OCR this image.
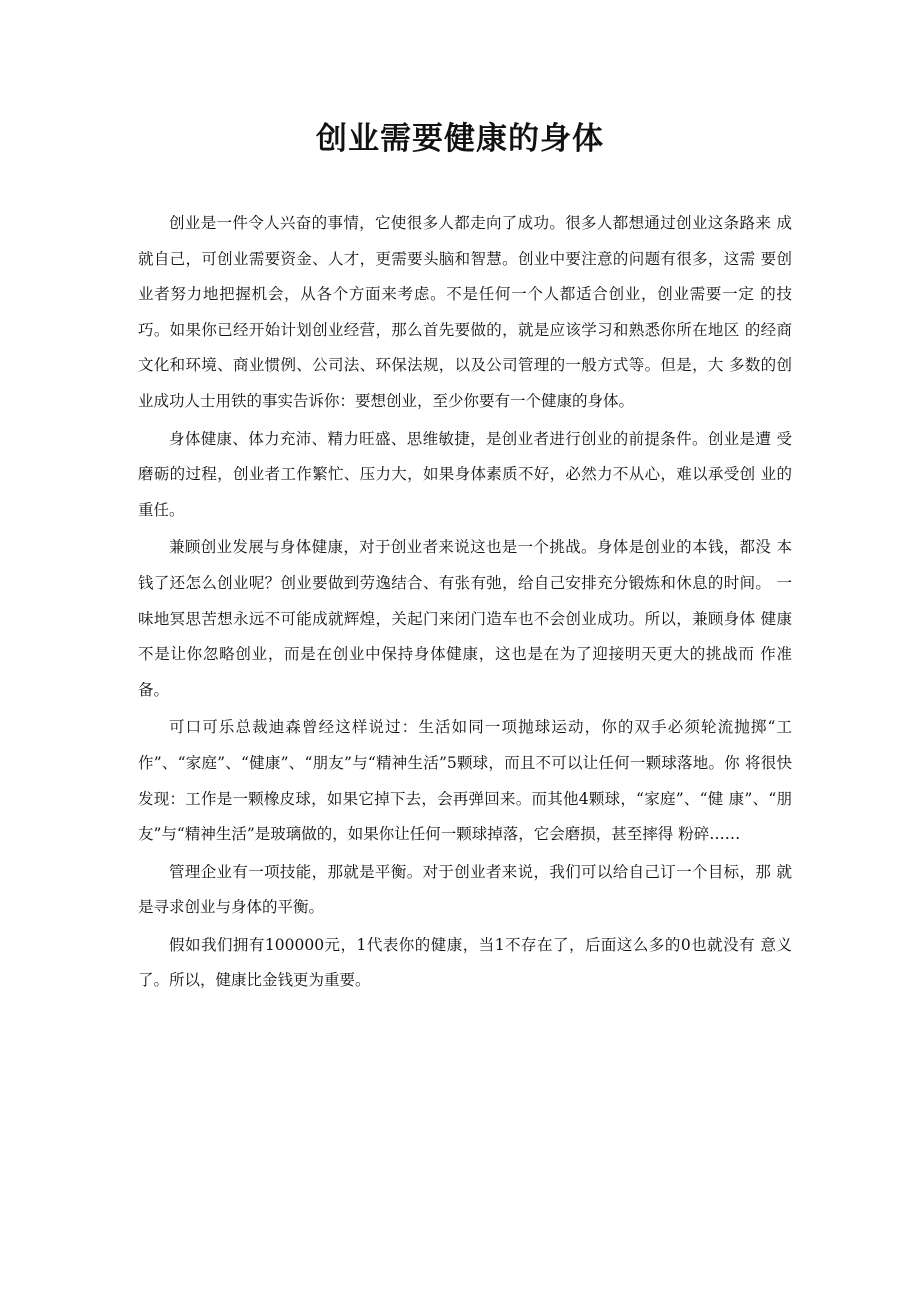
创业需要健康的身体

创业是一件令人兴奋的事情，它使很多人都走向了成功。很多人都想通过创业这条路来 成就自己，可创业需要资金、人才，更需要头脑和智慧。创业中要注意的问题有很多，这需 要创业者努力地把握机会，从各个方面来考虑。不是任何一个人都适合创业，创业需要一定 的技巧。如果你已经开始计划创业经营，那么首先要做的，就是应该学习和熟悉你所在地区 的经商文化和环境、商业惯例、公司法、环保法规，以及公司管理的一般方式等。但是，大 多数的创业成功人士用铁的事实告诉你：要想创业，至少你要有一个健康的身体。

身体健康、体力充沛、精力旺盛、思维敏捷，是创业者进行创业的前提条件。创业是遭 受磨砺的过程，创业者工作繁忙、压力大，如果身体素质不好，必然力不从心，难以承受创 业的重任。

兼顾创业发展与身体健康，对于创业者来说这也是一个挑战。身体是创业的本钱，都没 本钱了还怎么创业呢？创业要做到劳逸结合、有张有弛，给自己安排充分锻炼和休息的时间。 一味地冥思苦想永远不可能成就辉煌，关起门来闭门造车也不会创业成功。所以，兼顾身体 健康不是让你忽略创业，而是在创业中保持身体健康，这也是在为了迎接明天更大的挑战而 作准备。

可口可乐总裁迪森曾经这样说过：生活如同一项抛球运动，你的双手必须轮流抛掷“工 作”、“家庭”、“健康”、“朋友”与“精神生活”5颗球，而且不可以让任何一颗球落地。你 将很快发现：工作是一颗橡皮球，如果它掉下去，会再弹回来。而其他4颗球，“家庭”、“健 康”、“朋友”与“精神生活”是玻璃做的，如果你让任何一颗球掉落，它会磨损，甚至摔得 粉碎……

管理企业有一项技能，那就是平衡。对于创业者来说，我们可以给自己订一个目标，那 就是寻求创业与身体的平衡。

假如我们拥有100000元，1代表你的健康，当1不存在了，后面这么多的0也就没有 意义了。所以，健康比金钱更为重要。
